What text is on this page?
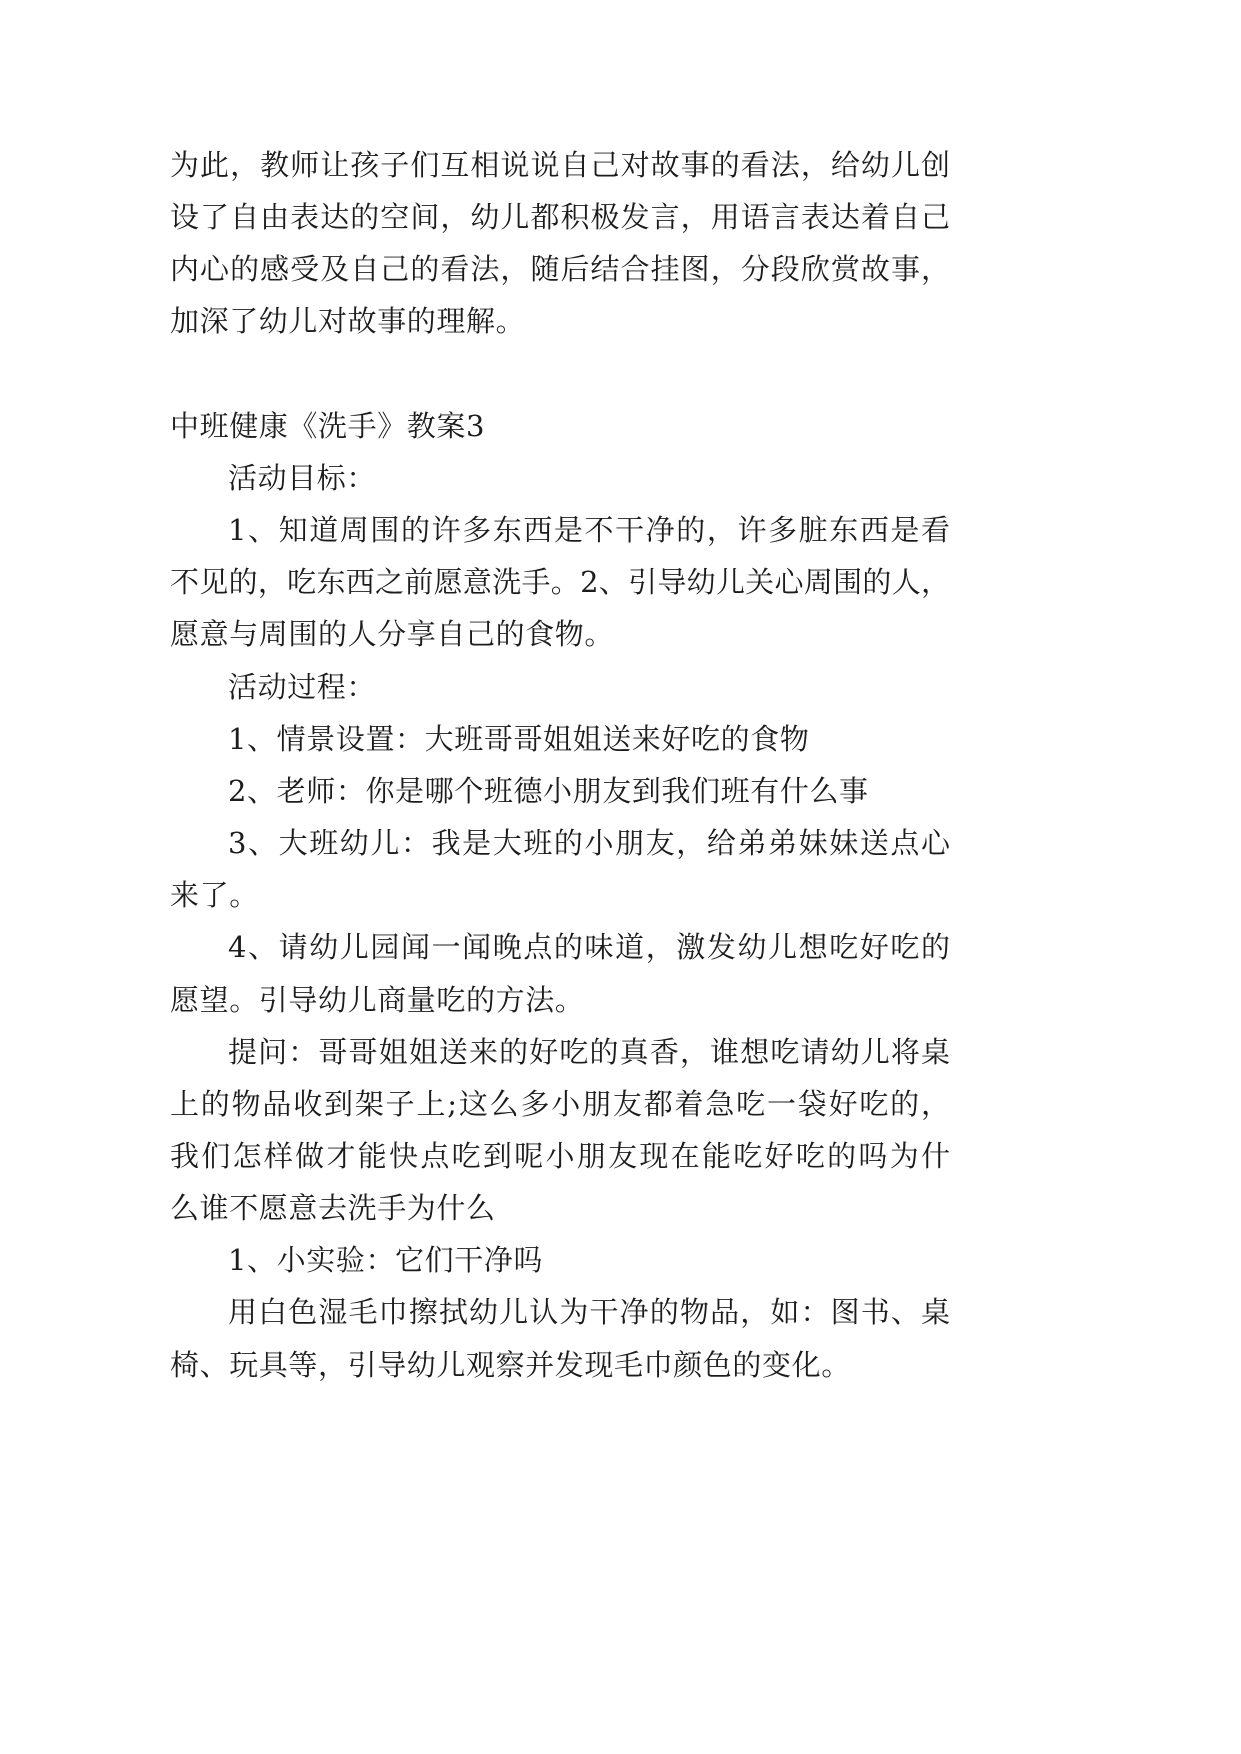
为此，教师让孩子们互相说说自己对故事的看法，给幼儿创
设了自由表达的空间，幼儿都积极发言，用语言表达着自己
内心的感受及自己的看法，随后结合挂图，分段欣赏故事，
加深了幼儿对故事的理解。
中班健康《洗手》教案3
活动目标：
1、知道周围的许多东西是不干净的，许多脏东西是看
不见的，吃东西之前愿意洗手。2、引导幼儿关心周围的人，
愿意与周围的人分享自己的食物。
活动过程：
1、情景设置：大班哥哥姐姐送来好吃的食物
2、老师：你是哪个班德小朋友到我们班有什么事
3、大班幼儿：我是大班的小朋友，给弟弟妹妹送点心
来了。
4、请幼儿园闻一闻晚点的味道，激发幼儿想吃好吃的
愿望。引导幼儿商量吃的方法。
提问：哥哥姐姐送来的好吃的真香，谁想吃请幼儿将桌
上的物品收到架子上;这么多小朋友都着急吃一袋好吃的，
我们怎样做才能快点吃到呢小朋友现在能吃好吃的吗为什
么谁不愿意去洗手为什么
1、小实验：它们干净吗
用白色湿毛巾擦拭幼儿认为干净的物品，如：图书、桌
椅、玩具等，引导幼儿观察并发现毛巾颜色的变化。
